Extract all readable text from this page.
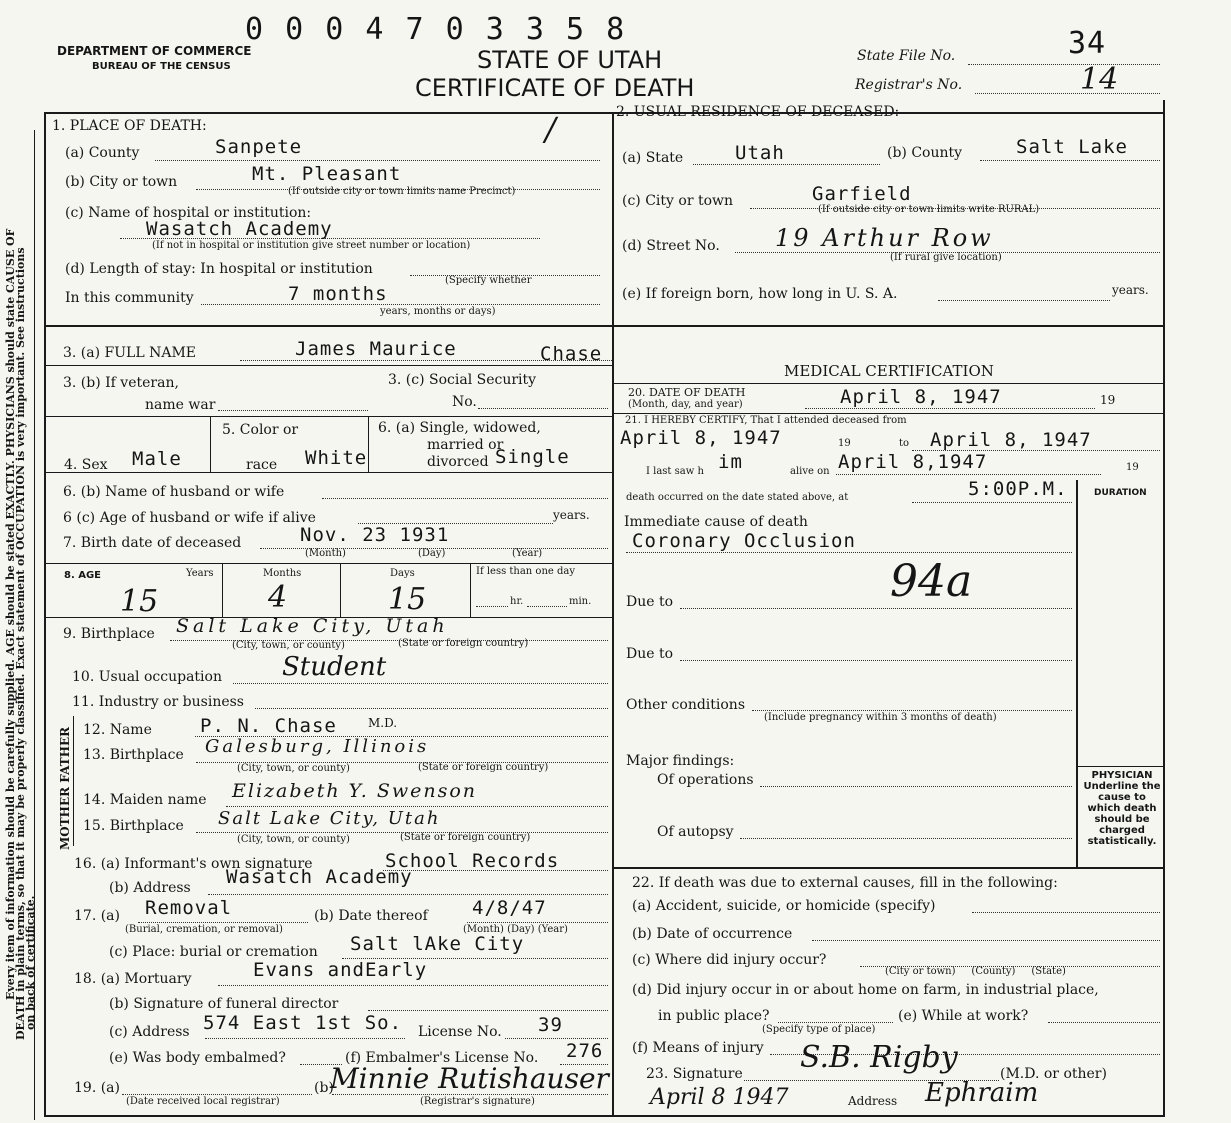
Every item of information should be carefully supplied. AGE should be stated EXACTLY. PHYSICIANS should state CAUSE OF
DEATH in plain terms, so that it may be properly classified. Exact statement of OCCUPATION is very important. See instructions
on back of certificate.
0 0 0 4 7 0 3 3 5 8
DEPARTMENT OF COMMERCE
BUREAU OF THE CENSUS	STATE OF UTAH
CERTIFICATE OF DEATH
State File No.	34
Registrar's No.	14
1. PLACE OF DEATH:
(a) County	Sanpete
(b) City or town	Mt. Pleasant
(If outside city or town limits name Precinct)
(c) Name of hospital or institution:
Wasatch Academy
(If not in hospital or institution give street number or location)
(d) Length of stay: In hospital or institution
(Specify whether
In this community	7 months
years, months or days)
/	2. USUAL RESIDENCE OF DECEASED:
(a) State	Utah	(b) County	Salt Lake
(c) City or town	Garfield
(If outside city or town limits write RURAL)
(d) Street No. 19 Arthur Row
(If rural give location)
(e) If foreign born, how long in U. S. A.	years.
3. (a) FULL NAME	James Maurice	Chase
3. (b) If veteran,
name war
3. (c) Social Security
No.
4. Sex Male
5. Color or
race White
6. (a) Single, widowed,
married or
divorced Single
6. (b) Name of husband or wife
6 (c) Age of husband or wife if alive	years.
7. Birth date of deceased	Nov. 23 1931
(Month)	(Day)	(Year)
8. AGE	Years	Months	Days	If less than one day
15	4	15	hr.	min.
9. Birthplace Salt Lake City, Utah
(City, town, or county)	(State or foreign country)
10. Usual occupation Student
11. Industry or business
MOTHER FATHER 12. Name	P. N. Chase	M.D.
13. Birthplace Galesburg, Illinois
(City, town, or county)	(State or foreign country)
14. Maiden name Elizabeth Y. Swenson
15. Birthplace Salt Lake City, Utah
(City, town, or county)	(State or foreign country)
16. (a) Informant's own signature	School Records
(b) Address Wasatch Academy
17. (a) Removal	(b) Date thereof 4/8/47
(Burial, cremation, or removal)	(Month) (Day) (Year)
(c) Place: burial or cremation Salt lAke City
18. (a) Mortuary	Evans andEarly
(b) Signature of funeral director
(c) Address 574 East 1st So. License No. 39
(e) Was body embalmed?	(f) Embalmer's License No. 276
19. (a)	(b)
(Date received local registrar)	(Registrar's signature)
Minnie Rutishauser
MEDICAL CERTIFICATION
20. DATE OF DEATH
(Month, day, and year)	April 8, 1947	19
21. I HEREBY CERTIFY, That I attended deceased from
April 8, 1947	19	to April 8, 1947
I last saw h im	alive on April 8,1947	19
death occurred on the date stated above, at	5:00P.M.	DURATION
Immediate cause of death
Coronary Occlusion
94a
Due to
Due to
Other conditions
(Include pregnancy within 3 months of death)
Major findings:
Of operations
Of autopsy
PHYSICIAN Underline the cause to which death should be charged statistically.
22. If death was due to external causes, fill in the following:
(a) Accident, suicide, or homicide (specify)
(b) Date of occurrence
(c) Where did injury occur?
(City or town)     (County)     (State)
(d) Did injury occur in or about home on farm, in industrial place,
in public place?
(Specify type of place)
(e) While at work?
(f) Means of injury
23. Signature S.B. Rigby	(M.D. or other)
April 8 1947	Address Ephraim
